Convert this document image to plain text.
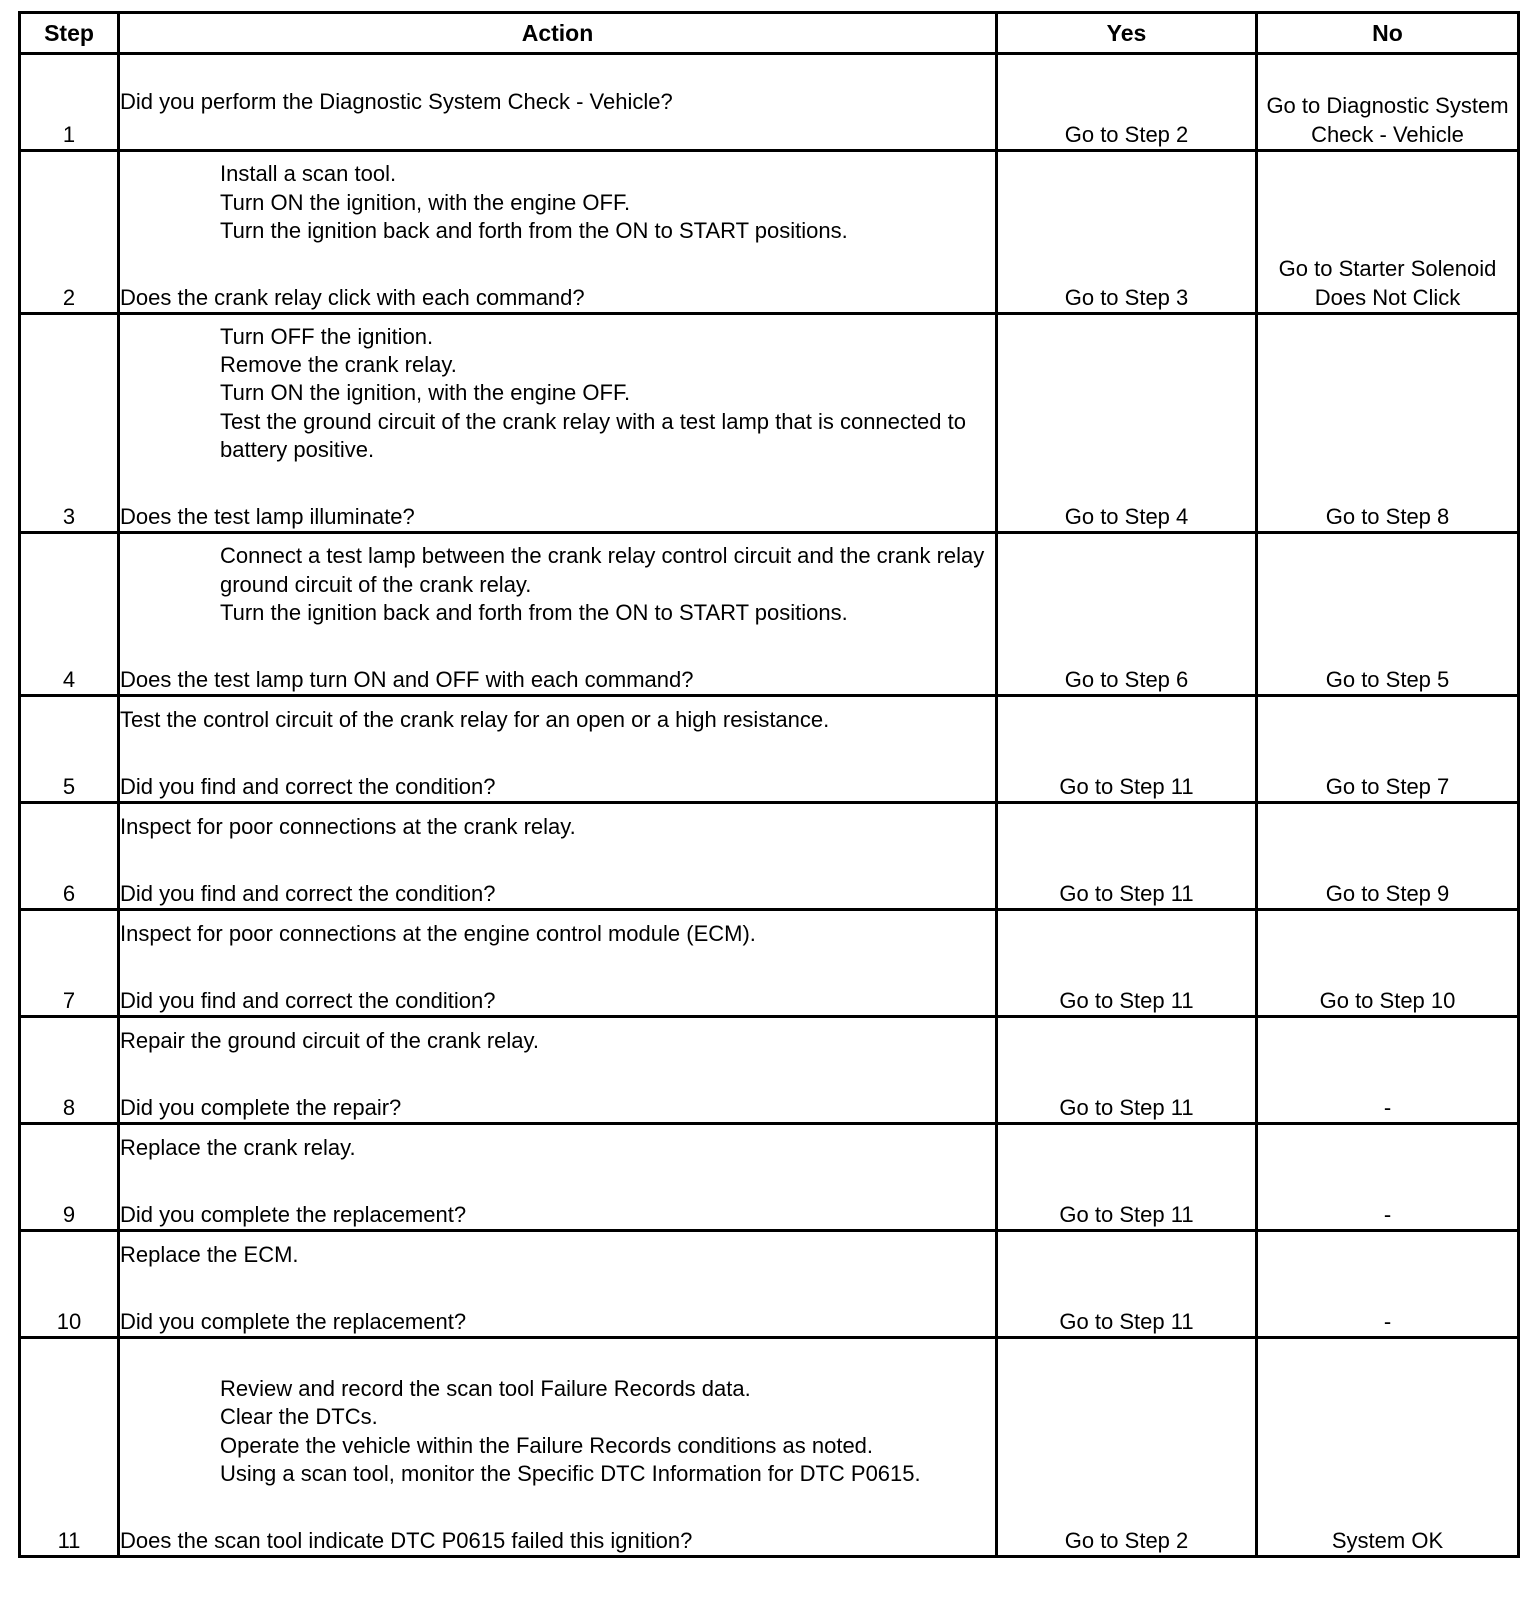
Step	Action	Yes	No
1	Did you perform the Diagnostic System Check - Vehicle?	Go to Step 2	Go to Diagnostic System Check - Vehicle
2	Install a scan tool.
Turn ON the ignition, with the engine OFF.
Turn the ignition back and forth from the ON to START positions.
Does the crank relay click with each command?	Go to Step 3	Go to Starter Solenoid Does Not Click
3	Turn OFF the ignition.
Remove the crank relay.
Turn ON the ignition, with the engine OFF.
Test the ground circuit of the crank relay with a test lamp that is connected to battery positive.
Does the test lamp illuminate?	Go to Step 4	Go to Step 8
4	Connect a test lamp between the crank relay control circuit and the crank relay ground circuit of the crank relay.
Turn the ignition back and forth from the ON to START positions.
Does the test lamp turn ON and OFF with each command?	Go to Step 6	Go to Step 5
5	Test the control circuit of the crank relay for an open or a high resistance.
Did you find and correct the condition?	Go to Step 11	Go to Step 7
6	Inspect for poor connections at the crank relay.
Did you find and correct the condition?	Go to Step 11	Go to Step 9
7	Inspect for poor connections at the engine control module (ECM).
Did you find and correct the condition?	Go to Step 11	Go to Step 10
8	Repair the ground circuit of the crank relay.
Did you complete the repair?	Go to Step 11	-
9	Replace the crank relay.
Did you complete the replacement?	Go to Step 11	-
10	Replace the ECM.
Did you complete the replacement?	Go to Step 11	-
11	Review and record the scan tool Failure Records data.
Clear the DTCs.
Operate the vehicle within the Failure Records conditions as noted.
Using a scan tool, monitor the Specific DTC Information for DTC P0615.
Does the scan tool indicate DTC P0615 failed this ignition?	Go to Step 2	System OK
